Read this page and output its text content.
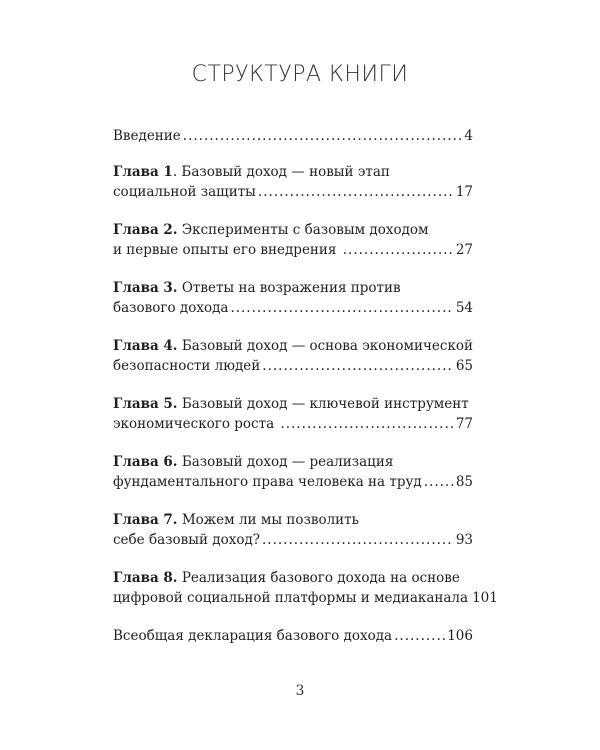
СТРУКТУРА КНИГИ
Введение .....	4
Глава 1. Базовый доход — новый этап
социальной защиты .....	17
Глава 2. Эксперименты с базовым доходом
и первые опыты его внедрения .....	27
Глава 3. Ответы на возражения против
базового дохода .....	54
Глава 4. Базовый доход — основа экономической
безопасности людей .....	65
Глава 5. Базовый доход — ключевой инструмент
экономического роста .....	77
Глава 6. Базовый доход — реализация
фундаментального права человека на труд .....	85
Глава 7. Можем ли мы позволить
себе базовый доход? .....	93
Глава 8. Реализация базового дохода на основе
цифровой социальной платформы и медиаканала 101
Всеобщая декларация базового дохода .....	106
3
